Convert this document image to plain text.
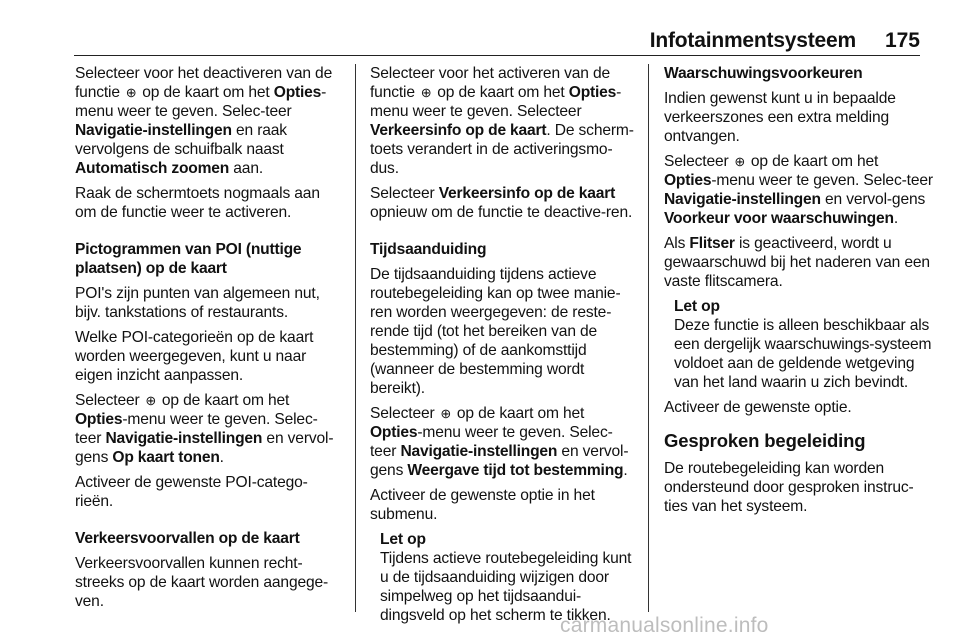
Infotainmentsysteem 175

Selecteer voor het deactiveren van de functie ⊕ op de kaart om het Opties-menu weer te geven. Selec-teer Navigatie-instellingen en raak vervolgens de schuifbalk naast Automatisch zoomen aan.

Raak de schermtoets nogmaals aan om de functie weer te activeren.

Pictogrammen van POI (nuttige plaatsen) op de kaart

POI's zijn punten van algemeen nut, bijv. tankstations of restaurants.

Welke POI-categorieën op de kaart worden weergegeven, kunt u naar eigen inzicht aanpassen.

Selecteer ⊕ op de kaart om het Opties-menu weer te geven. Selec-teer Navigatie-instellingen en vervol-gens Op kaart tonen.

Activeer de gewenste POI-catego-rieën.

Verkeersvoorvallen op de kaart

Verkeersvoorvallen kunnen recht-streeks op de kaart worden aangege-ven.

Selecteer voor het activeren van de functie ⊕ op de kaart om het Opties-menu weer te geven. Selecteer Verkeersinfo op de kaart. De scherm-toets verandert in de activeringsmo-dus.

Selecteer Verkeersinfo op de kaart opnieuw om de functie te deactive-ren.

Tijdsaanduiding

De tijdsaanduiding tijdens actieve routebegeleiding kan op twee manie-ren worden weergegeven: de reste-rende tijd (tot het bereiken van de bestemming) of de aankomsttijd (wanneer de bestemming wordt bereikt).

Selecteer ⊕ op de kaart om het Opties-menu weer te geven. Selec-teer Navigatie-instellingen en vervol-gens Weergave tijd tot bestemming.

Activeer de gewenste optie in het submenu.

Let op
Tijdens actieve routebegeleiding kunt u de tijdsaanduiding wijzigen door simpelweg op het tijdsaandui-dingsveld op het scherm te tikken.

Waarschuwingsvoorkeuren

Indien gewenst kunt u in bepaalde verkeerszones een extra melding ontvangen.

Selecteer ⊕ op de kaart om het Opties-menu weer te geven. Selec-teer Navigatie-instellingen en vervol-gens Voorkeur voor waarschuwingen.

Als Flitser is geactiveerd, wordt u gewaarschuwd bij het naderen van een vaste flitscamera.

Let op
Deze functie is alleen beschikbaar als een dergelijk waarschuwings-systeem voldoet aan de geldende wetgeving van het land waarin u zich bevindt.

Activeer de gewenste optie.

Gesproken begeleiding

De routebegeleiding kan worden ondersteund door gesproken instruc-ties van het systeem.

carmanualsonline.info
